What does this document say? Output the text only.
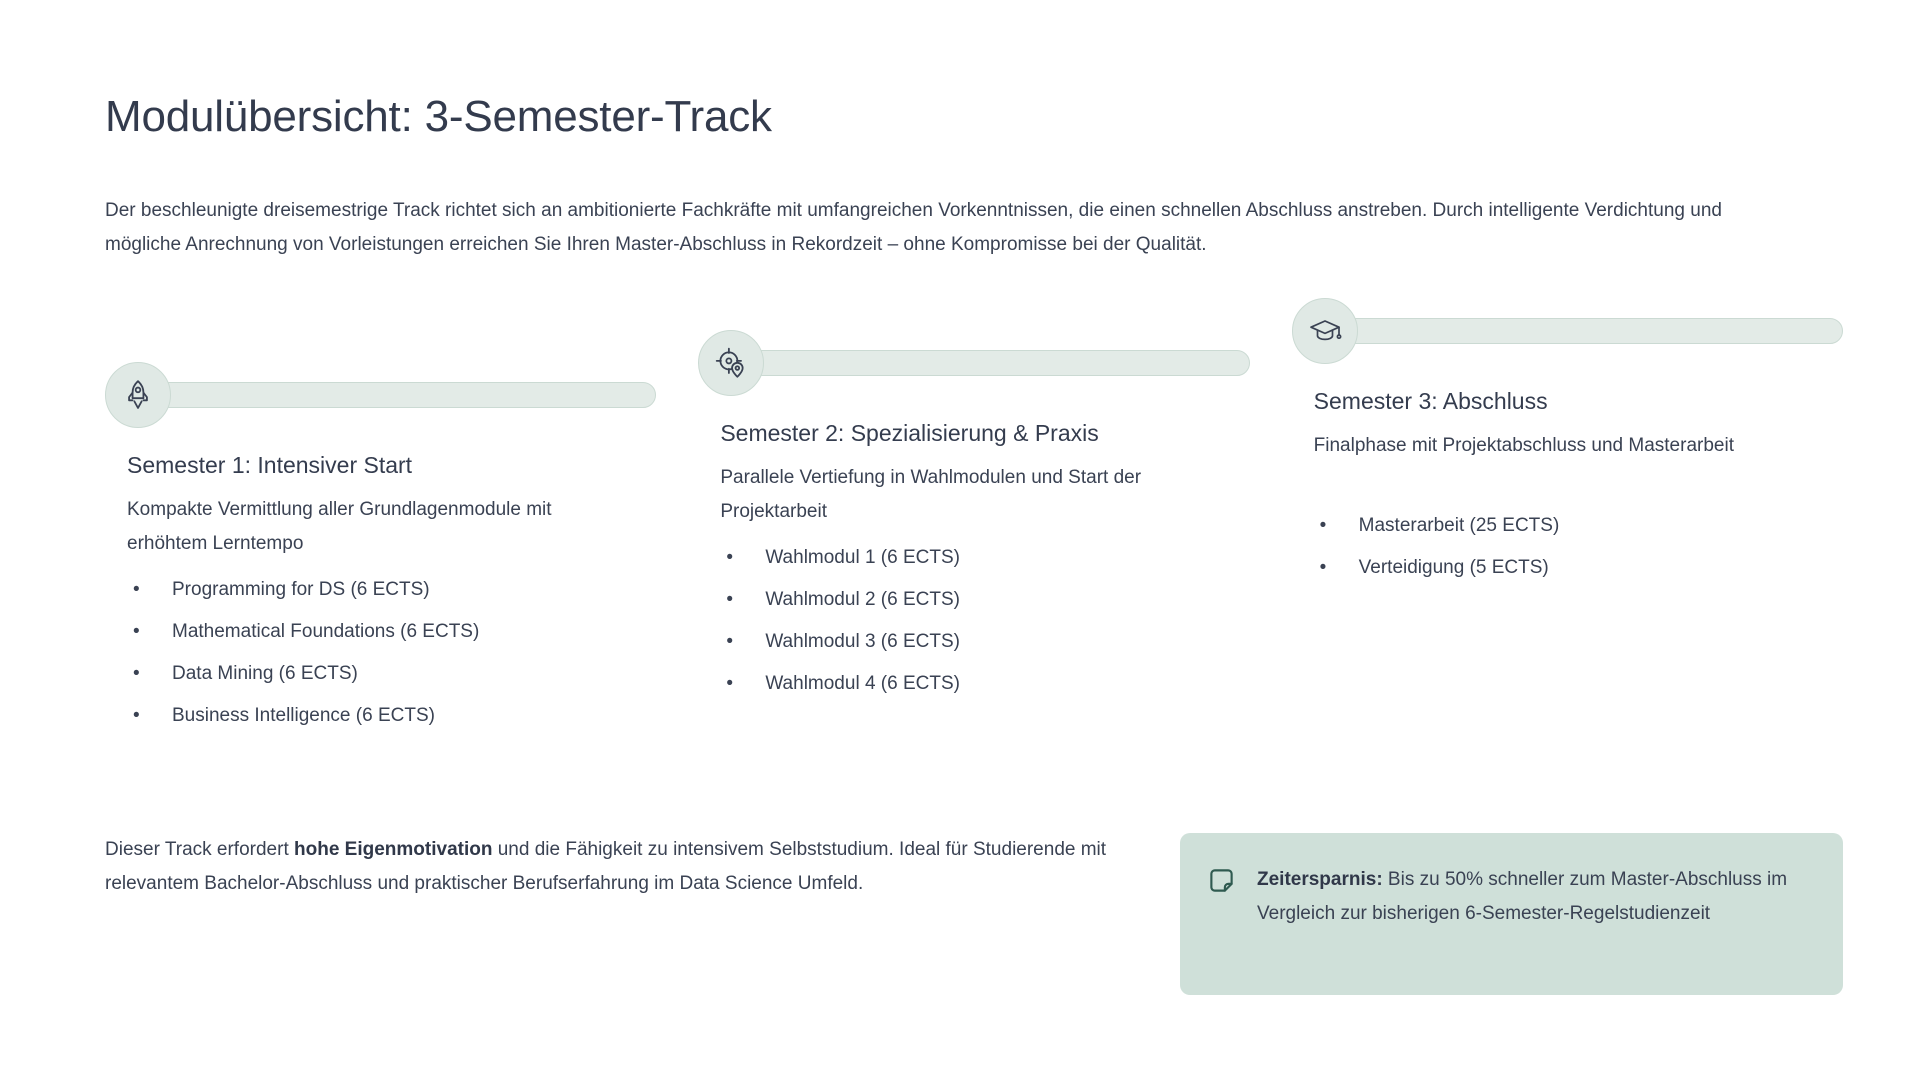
Modulübersicht: 3-Semester-Track

Der beschleunigte dreisemestrige Track richtet sich an ambitionierte Fachkräfte mit umfangreichen Vorkenntnissen, die einen schnellen Abschluss anstreben. Durch intelligente Verdichtung und mögliche Anrechnung von Vorleistungen erreichen Sie Ihren Master-Abschluss in Rekordzeit – ohne Kompromisse bei der Qualität.

Semester 1: Intensiver Start

Kompakte Vermittlung aller Grundlagenmodule mit erhöhtem Lerntempo

• Programming for DS (6 ECTS)
• Mathematical Foundations (6 ECTS)
• Data Mining (6 ECTS)
• Business Intelligence (6 ECTS)
Semester 2: Spezialisierung & Praxis

Parallele Vertiefung in Wahlmodulen und Start der Projektarbeit

• Wahlmodul 1 (6 ECTS)
• Wahlmodul 2 (6 ECTS)
• Wahlmodul 3 (6 ECTS)
• Wahlmodul 4 (6 ECTS)
Semester 3: Abschluss

Finalphase mit Projektabschluss und Masterarbeit

• Masterarbeit (25 ECTS)
• Verteidigung (5 ECTS)

Dieser Track erfordert hohe Eigenmotivation und die Fähigkeit zu intensivem Selbststudium. Ideal für Studierende mit relevantem Bachelor-Abschluss und praktischer Berufserfahrung im Data Science Umfeld.	Zeitersparnis: Bis zu 50% schneller zum Master-Abschluss im Vergleich zur bisherigen 6-Semester-Regelstudienzeit
